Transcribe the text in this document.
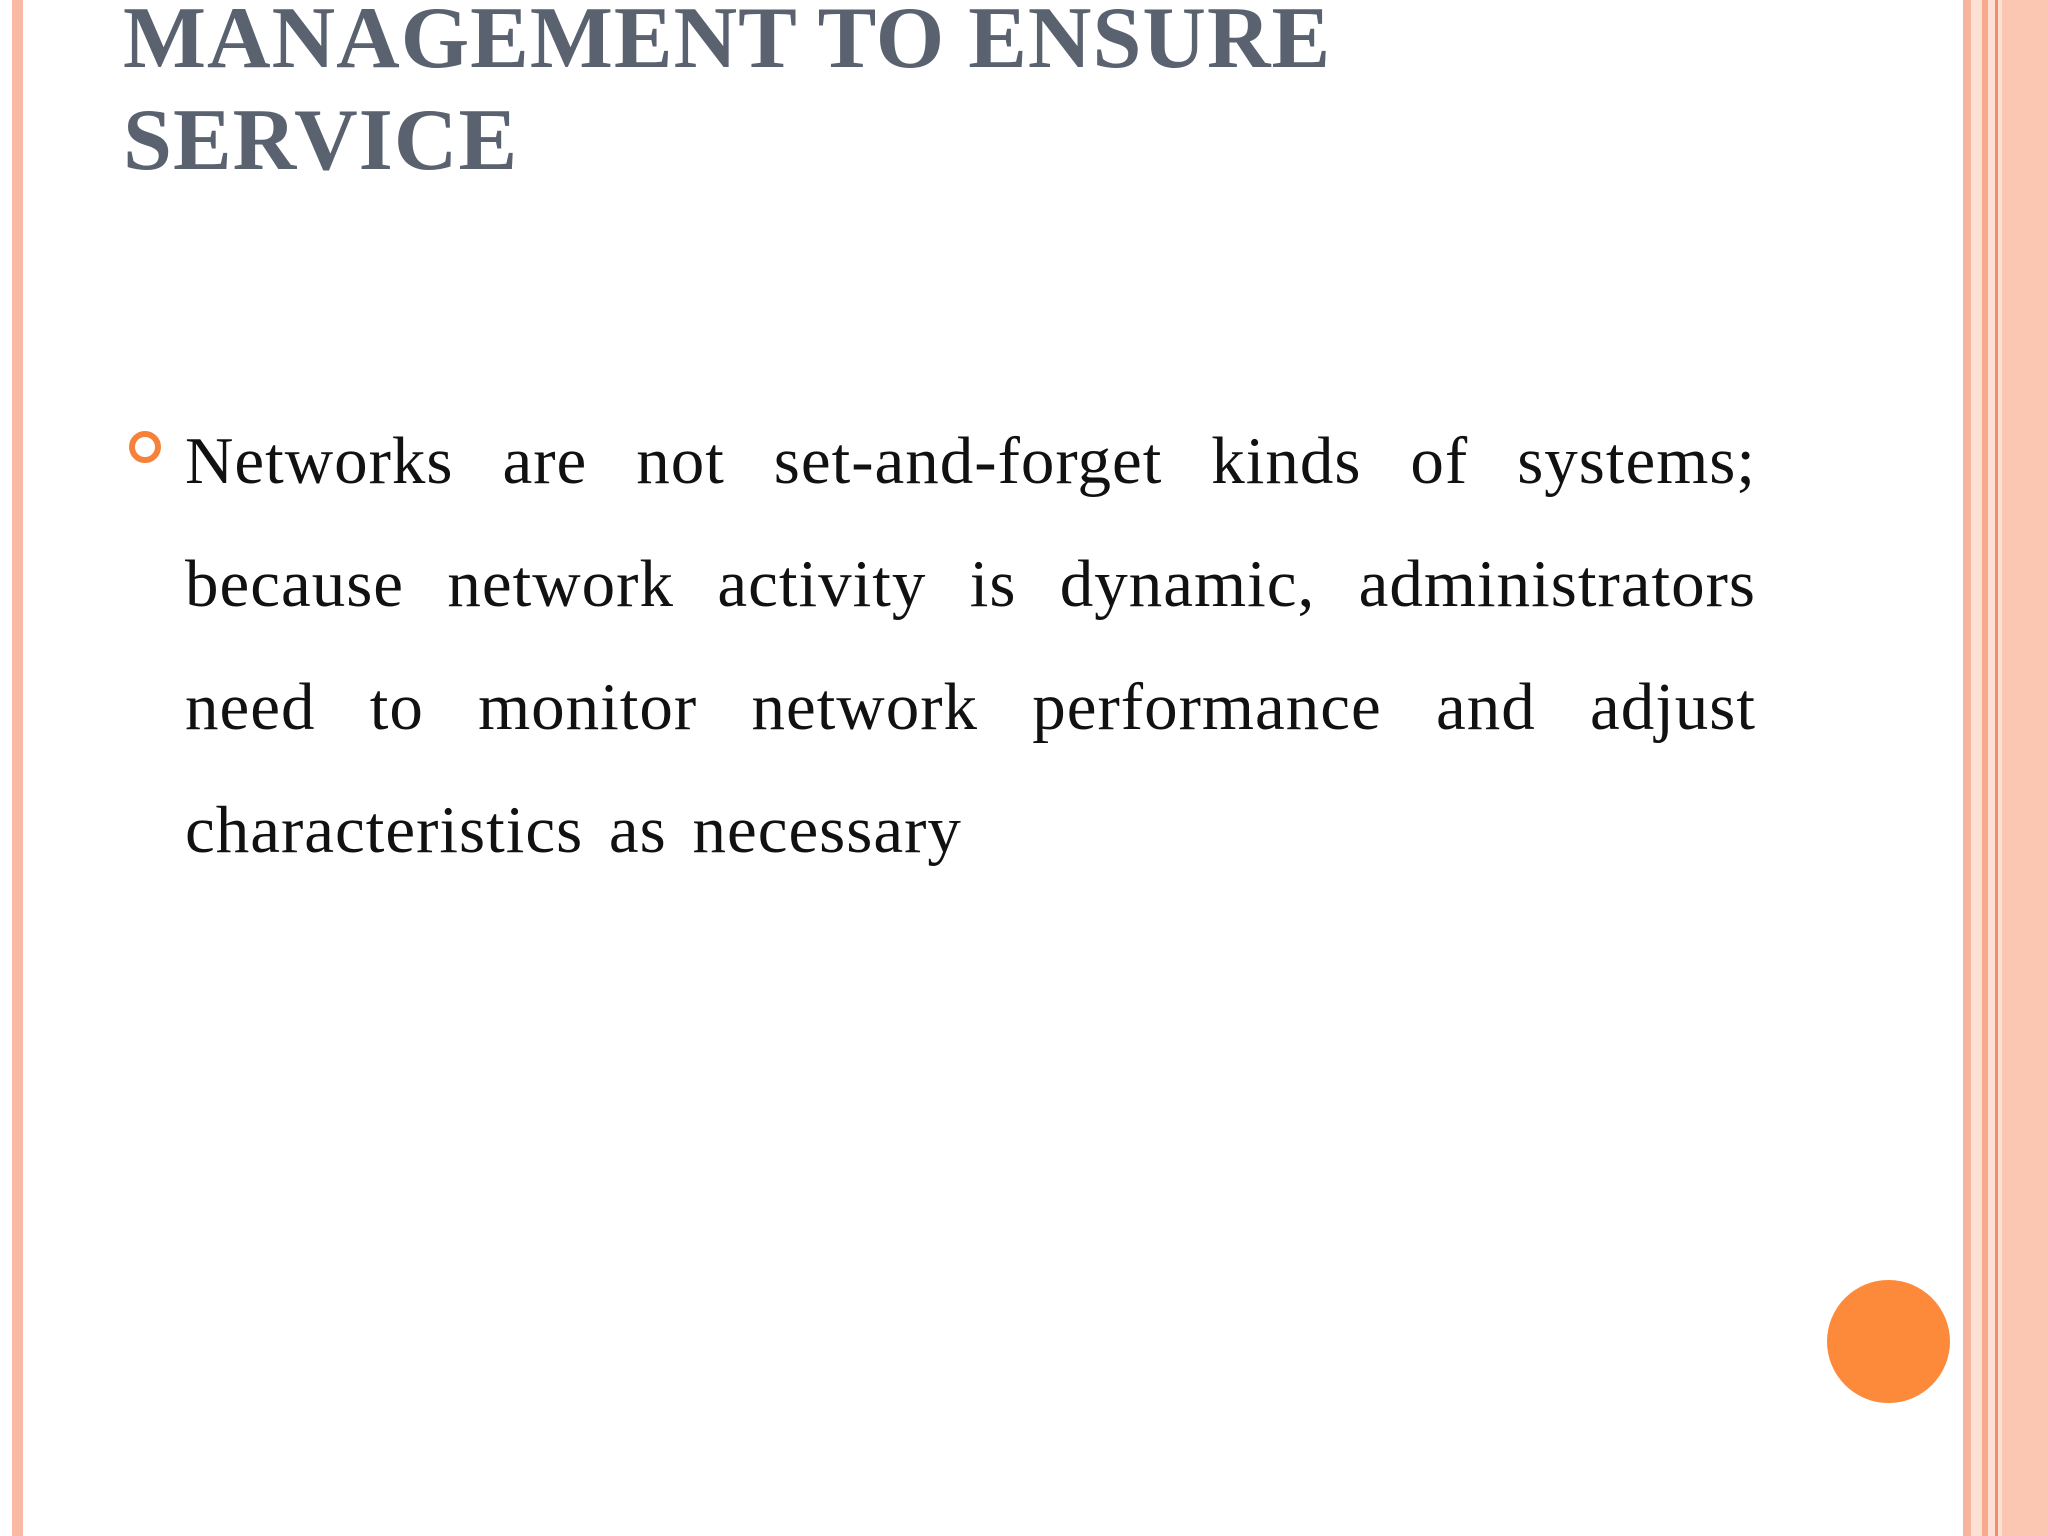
MANAGEMENT TO ENSURE SERVICE
Networks are not set-and-forget kinds of systems; because network activity is dynamic, administrators need to monitor network performance and adjust characteristics as necessary
